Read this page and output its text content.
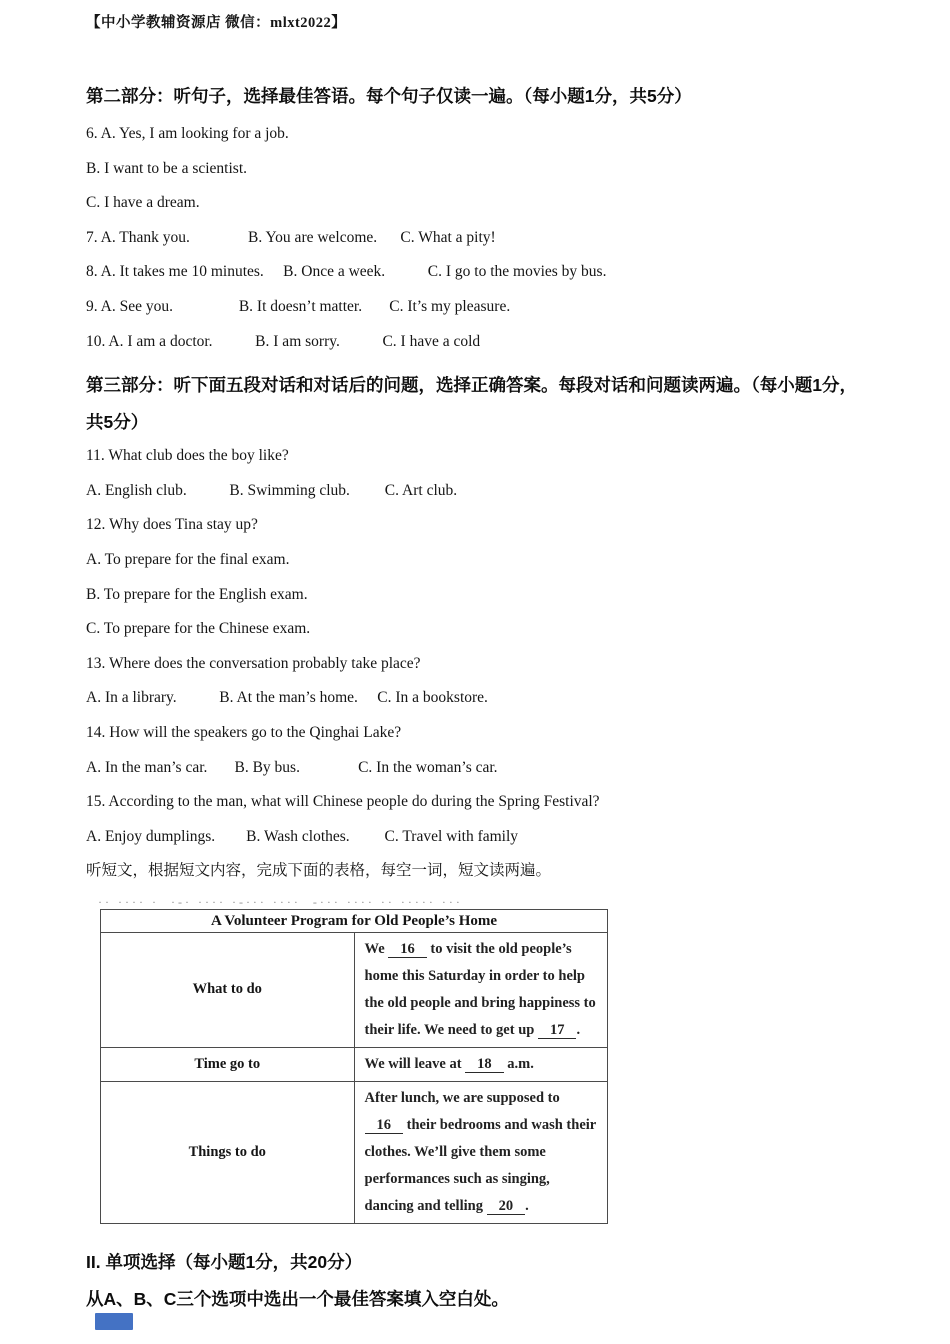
【中小学教辅资源店 微信：mlxt2022】

第二部分：听句子，选择最佳答语。每个句子仅读一遍。（每小题1分，共5分）

6. A. Yes, I am looking for a job.

B. I want to be a scientist.

C. I have a dream.

7. A. Thank you.               B. You are welcome.      C. What a pity!

8. A. It takes me 10 minutes.     B. Once a week.           C. I go to the movies by bus.

9. A. See you.                 B. It doesn’t matter.       C. It’s my pleasure.

10. A. I am a doctor.           B. I am sorry.           C. I have a cold

第三部分：听下面五段对话和对话后的问题，选择正确答案。每段对话和问题读两遍。（每小题1分，共5分）

11. What club does the boy like?

A. English club.           B. Swimming club.         C. Art club.

12. Why does Tina stay up?

A. To prepare for the final exam.

B. To prepare for the English exam.

C. To prepare for the Chinese exam.

13. Where does the conversation probably take place?

A. In a library.           B. At the man’s home.     C. In a bookstore.

14. How will the speakers go to the Qinghai Lake?

A. In the man’s car.       B. By bus.               C. In the woman’s car.

15. According to the man, what will Chinese people do during the Spring Festival?

A. Enjoy dumplings.        B. Wash clothes.         C. Travel with family

听短文，根据短文内容，完成下面的表格，每空一词，短文读两遍。

·· ···· ·  ·-· ···· ·-··· ····  -··· ···· ·· ····· ···
A Volunteer Program for Old People’s Home	
What to do	We 16 to visit the old people’s home this Saturday in order to help the old people and bring happiness to their life. We need to get up 17 .
Time go to	We will leave at 18 a.m.
Things to do	After lunch, we are supposed to 16 their bedrooms and wash their clothes. We’ll give them some performances such as singing, dancing and telling 20 .
II. 单项选择（每小题1分，共20分）
从A、B、C三个选项中选出一个最佳答案填入空白处。
